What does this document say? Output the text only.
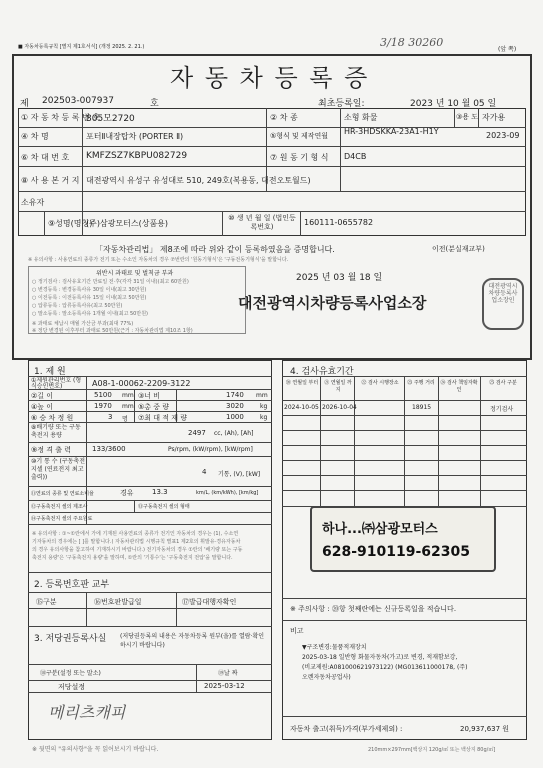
■ 자동차등록규칙 [별지 제1호서식] (개정 2025. 2. 21.)	3/18 30260
(앞 쪽)
자 동 차 등 록 증
제 202503-007937	호	최초등록일:	2023 년 10 월 05 일
① 자 동 차 등 록 번 호
805모2720	② 차 종	소형 화물	③용 도 자가용
④ 차 명	포터Ⅱ내장탑차 (PORTER Ⅱ)	⑤형식 및 제작연월 HR-3HDSKKA-23A1-H1Y	2023-09
⑥ 차 대 번 호 KMFZSZ7KBPU082729	⑦ 원 동 기 형 식 D4CB
⑧ 사 용 본 거 지 대전광역시 유성구 유성대로 510, 249호(복용동, 대전오토월드)
소유자
⑨성명(명칭)
(주)삼광모터스(상품용)
⑩ 생 년 월 일 (법인등록번호)	160111-0655782
「자동차관리법」 제8조에 따라 위와 같이 등록하였음을 증명합니다.	이전(분실재교부)
※ 유의사항 : 사용연료의 종류가 전기 또는 수소인 자동차의 경우 ⑦번란의 '원동기형식'은 '구동전동기형식'을 말합니다.
위반시 과태료 및 벌칙금 부과
○ 정기검사 : 검사유효기간 만료일 전·후(각각 31일 이내)(최고 60만원)
○ 변경등록 : 변경등록사유 30일 이내(최고 30만원)
○ 이전등록 : 이전등록사유 15일 이내(최고 50만원)
○ 압류등록 : 압류등록사유(최고 50만원)
○ 말소등록 : 말소등록사유 1개월 이내(최고 50만원)
※ 과태료 체납시 매월 가산금 부과(최대 77%)
※ 정당 변경된 이후부터 과태료 50만원(근거 : 자동차관리법 제10조 1항)
2025 년 03 월 18 일
대전광역시차량등록사업소장
대전광역시 차량등록사업소장인
1. 제 원
①제원관리번호 (형식승인번호)	A08-1-00062-2209-3122
②길 이	5100 mm ③너 비	1740 mm
④높 이	1970 mm ⑤총 중 량	3020	kg
⑥ 승 차 정 원	3 명 ⑦최 대 적 재 량	1000	kg
⑧배기량 또는 구동축전지 용량	2497 cc, (Ah), [Ah]
⑨정 격 출 력	133/3600	Ps/rpm, (kW/rpm), [kW/rpm]
⑩기 통 수 (구동축전지셀 (연료전지 최고출력))
4 기통, (V), [kW]
⑪연료의 종류 및 연료소비율	경유	13.3	km/L, (km/kWh), [km/kg]
⑫구동축전지 셀의 제조사	⑬구동축전지 셀의 형태
⑭구동축전지 셀의 주요원료
※ 유의사항 : ①~①란에서 가에 기재된 사용연료의 종류가 전기인 자동차의 경우는 (1), 수소연
기자동차의 경우에는 [ ]를 말합니다.( 자동차관리법 시행규칙 별표1 제2호의 휘발유·경유자동차
의 경우 유의사항을 참고하여 기재하시기 바랍니다.) 전기자동차의 경우 ①란의 '배기량 또는 구동
축전지 용량'은 '구동축전지 용량'을 말하며, ①란의 '기통수'는 '구동축전지 전압'을 말합니다.
2. 등록번호판 교부
⑮구분	⑯번호판발급일	⑰발급대행자확인
3. 저당권등록사실 (저당권등록의 내용은 자동차등록 원부(을)를 열람·확인하시기 바랍니다)
⑱구분(설정 또는 말소)	⑲날 짜
저당설정	2025-03-12
메리츠캐피
※ 뒷면의 "유의사항"을 꼭 읽어보시기 바랍니다.
4. 검사유효기간
⑳ 연월일 부터	㉑ 연월일 까지
㉒ 검사 시행장소	㉓ 주행 거리 ㉔ 검사 책임자확인
㉕ 검사 구분
2024-10-05 2026-10-04	18915	정기검사
하나...㈜삼광모터스
628-910119-62305
※ 주의사항 : ⑳항 첫째란에는 신규등록일을 적습니다.
비고
▼구조변경:물품적재장치
2025-03-18 일반형 화물자동차(가고)로 변경, 적재함보강,
(비교제원:A081000621973122) (MG013611000178, (주)
오렌자동차공업사)
자동차 출고(취득)가격(부가세제외) :	20,937,637 원
210mm×297mm[백상지 120g/㎡ 또는 백상지 80g/㎡]
